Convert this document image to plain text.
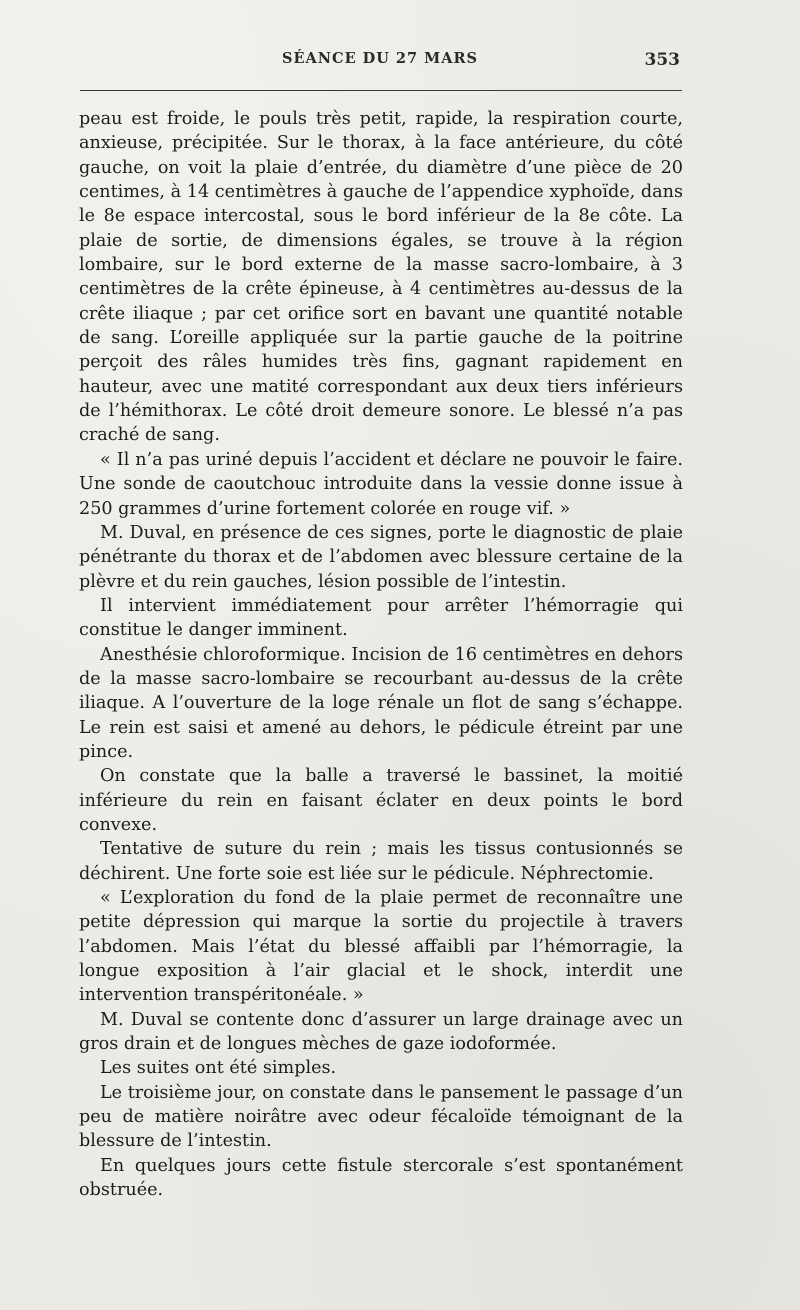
SÉANCE DU 27 MARS	353

peau est froide, le pouls très petit, rapide, la respiration courte, anxieuse, précipitée. Sur le thorax, à la face antérieure, du côté gauche, on voit la plaie d’entrée, du diamètre d’une pièce de 20 centimes, à 14 centimètres à gauche de l’appendice xyphoïde, dans le 8e espace intercostal, sous le bord inférieur de la 8e côte. La plaie de sortie, de dimensions égales, se trouve à la région lombaire, sur le bord externe de la masse sacro-lombaire, à 3 centimètres de la crête épineuse, à 4 centimètres au-dessus de la crête iliaque ; par cet orifice sort en bavant une quantité notable de sang. L’oreille appliquée sur la partie gauche de la poitrine perçoit des râles humides très fins, gagnant rapidement en hauteur, avec une matité correspondant aux deux tiers inférieurs de l’hémithorax. Le côté droit demeure sonore. Le blessé n’a pas craché de sang.

« Il n’a pas uriné depuis l’accident et déclare ne pouvoir le faire. Une sonde de caoutchouc introduite dans la vessie donne issue à 250 grammes d’urine fortement colorée en rouge vif. »

M. Duval, en présence de ces signes, porte le diagnostic de plaie pénétrante du thorax et de l’abdomen avec blessure certaine de la plèvre et du rein gauches, lésion possible de l’intestin.

Il intervient immédiatement pour arrêter l’hémorragie qui constitue le danger imminent.

Anesthésie chloroformique. Incision de 16 centimètres en dehors de la masse sacro-lombaire se recourbant au-dessus de la crête iliaque. A l’ouverture de la loge rénale un flot de sang s’échappe. Le rein est saisi et amené au dehors, le pédicule étreint par une pince.

On constate que la balle a traversé le bassinet, la moitié inférieure du rein en faisant éclater en deux points le bord convexe.

Tentative de suture du rein ; mais les tissus contusionnés se déchirent. Une forte soie est liée sur le pédicule. Néphrectomie.

« L’exploration du fond de la plaie permet de reconnaître une petite dépression qui marque la sortie du projectile à travers l’abdomen. Mais l’état du blessé affaibli par l’hémorragie, la longue exposition à l’air glacial et le shock, interdit une intervention transpéritonéale. »

M. Duval se contente donc d’assurer un large drainage avec un gros drain et de longues mèches de gaze iodoformée.

Les suites ont été simples.

Le troisième jour, on constate dans le pansement le passage d’un peu de matière noirâtre avec odeur fécaloïde témoignant de la blessure de l’intestin.

En quelques jours cette fistule stercorale s’est spontanément obstruée.
